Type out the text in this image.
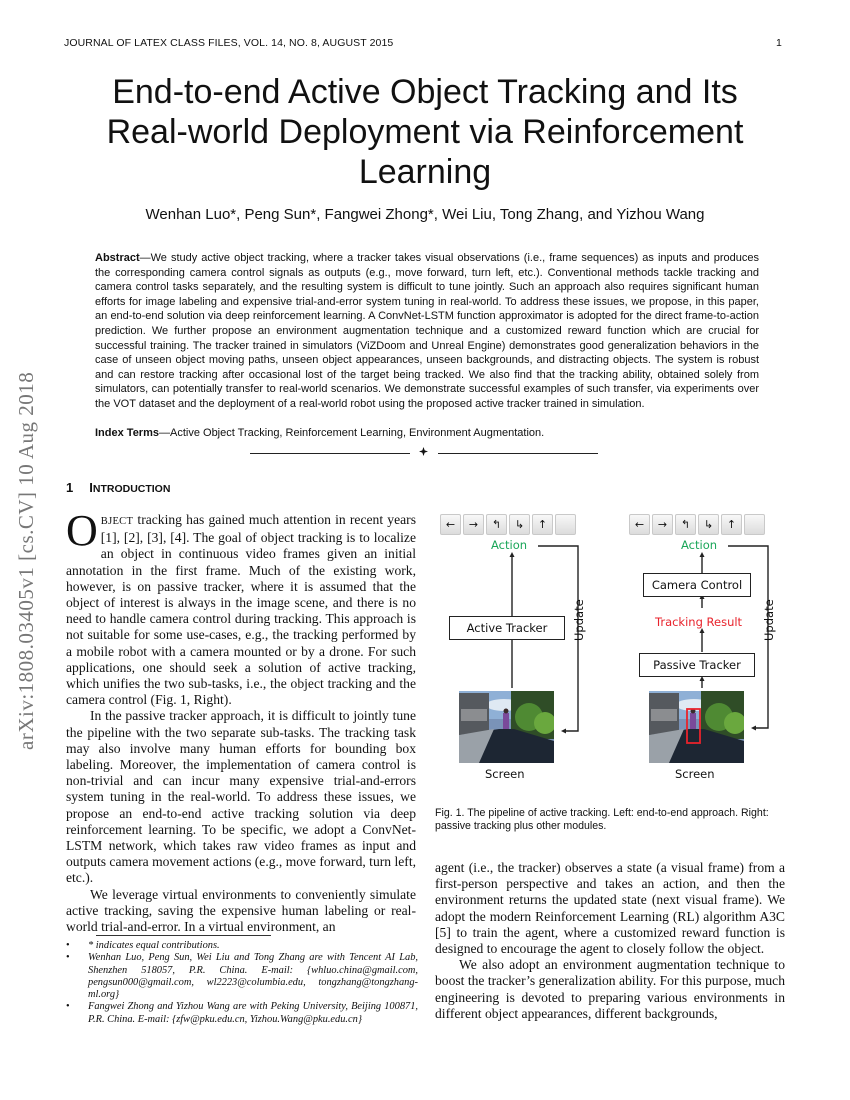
JOURNAL OF LATEX CLASS FILES, VOL. 14, NO. 8, AUGUST 2015	1
arXiv:1808.03405v1 [cs.CV] 10 Aug 2018
End-to-end Active Object Tracking and Its
Real-world Deployment via Reinforcement
Learning
Wenhan Luo*, Peng Sun*, Fangwei Zhong*, Wei Liu, Tong Zhang, and Yizhou Wang
Abstract—We study active object tracking, where a tracker takes visual observations (i.e., frame sequences) as inputs and produces the corresponding camera control signals as outputs (e.g., move forward, turn left, etc.). Conventional methods tackle tracking and camera control tasks separately, and the resulting system is difficult to tune jointly. Such an approach also requires significant human efforts for image labeling and expensive trial-and-error system tuning in real-world. To address these issues, we propose, in this paper, an end-to-end solution via deep reinforcement learning. A ConvNet-LSTM function approximator is adopted for the direct frame-to-action prediction. We further propose an environment augmentation technique and a customized reward function which are crucial for successful training. The tracker trained in simulators (ViZDoom and Unreal Engine) demonstrates good generalization behaviors in the case of unseen object moving paths, unseen object appearances, unseen backgrounds, and distracting objects. The system is robust and can restore tracking after occasional lost of the target being tracked. We also find that the tracking ability, obtained solely from simulators, can potentially transfer to real-world scenarios. We demonstrate successful examples of such transfer, via experiments over the VOT dataset and the deployment of a real-world robot using the proposed active tracker trained in simulation.
Index Terms—Active Object Tracking, Reinforcement Learning, Environment Augmentation.
1 INTRODUCTION

OBJECT tracking has gained much attention in recent years [1], [2], [3], [4]. The goal of object tracking is to localize an object in continuous video frames given an initial annotation in the first frame. Much of the existing work, however, is on passive tracker, where it is assumed that the object of interest is always in the image scene, and there is no need to handle camera control during tracking. This approach is not suitable for some use-cases, e.g., the tracking performed by a mobile robot with a camera mounted or by a drone. For such applications, one should seek a solution of active tracking, which unifies the two sub-tasks, i.e., the object tracking and the camera control (Fig. 1, Right).

In the passive tracker approach, it is difficult to jointly tune the pipeline with the two separate sub-tasks. The tracking task may also involve many human efforts for bounding box labeling. Moreover, the implementation of camera control is non-trivial and can incur many expensive trial-and-errors system tuning in the real-world. To address these issues, we propose an end-to-end active tracking solution via deep reinforcement learning. To be specific, we adopt a ConvNet-LSTM network, which takes raw video frames as input and outputs camera movement actions (e.g., move forward, turn left, etc.).

We leverage virtual environments to conveniently simulate active tracking, saving the expensive human labeling or real-world trial-and-error. In a virtual environment, an

• * indicates equal contributions.
• Wenhan Luo, Peng Sun, Wei Liu and Tong Zhang are with Tencent AI Lab, Shenzhen 518057, P.R. China. E-mail: {whluo.china@gmail.com, pengsun000@gmail.com, wl2223@columbia.edu, tongzhang@tongzhang-ml.org}
• Fangwei Zhong and Yizhou Wang are with Peking University, Beijing 100871, P.R. China. E-mail: {zfw@pku.edu.cn, Yizhou.Wang@pku.edu.cn}
←	→	↰	↳	↑
Action
Active Tracker	Update
Screen
←	→	↰	↳	↑
Action
Camera Control
Tracking Result
Passive Tracker
Update
Screen
Fig. 1. The pipeline of active tracking. Left: end-to-end approach. Right: passive tracking plus other modules.

agent (i.e., the tracker) observes a state (a visual frame) from a first-person perspective and takes an action, and then the environment returns the updated state (next visual frame). We adopt the modern Reinforcement Learning (RL) algorithm A3C [5] to train the agent, where a customized reward function is designed to encourage the agent to closely follow the object.

We also adopt an environment augmentation technique to boost the tracker’s generalization ability. For this purpose, much engineering is devoted to preparing various environments in different object appearances, different backgrounds,
